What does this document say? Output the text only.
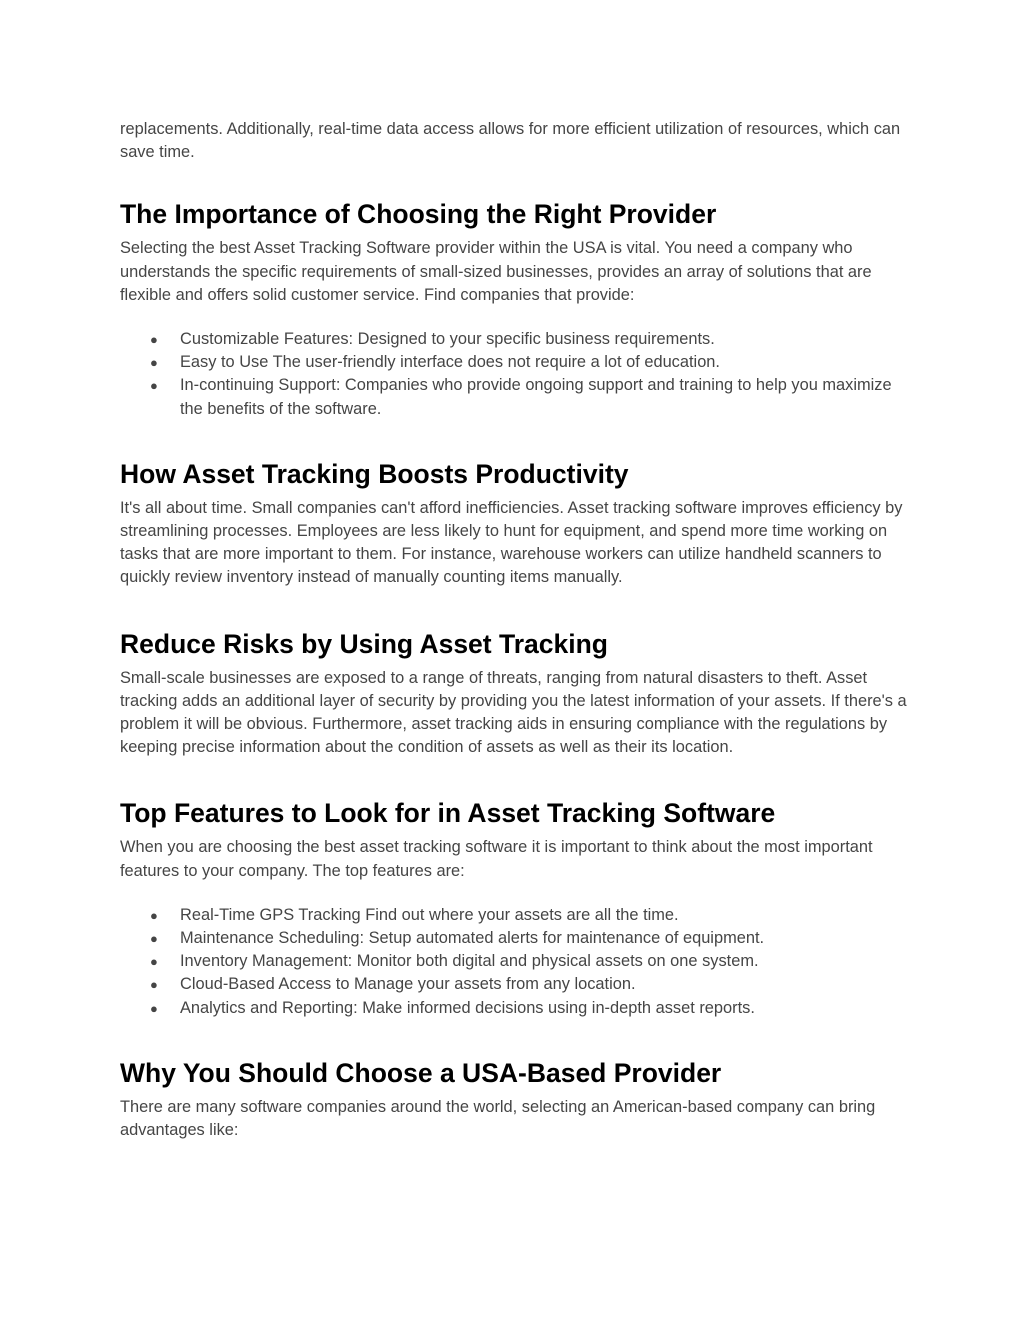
replacements. Additionally, real-time data access allows for more efficient utilization of resources, which can save time.

The Importance of Choosing the Right Provider

Selecting the best Asset Tracking Software provider within the USA is vital. You need a company who understands the specific requirements of small-sized businesses, provides an array of solutions that are flexible and offers solid customer service. Find companies that provide:

● Customizable Features: Designed to your specific business requirements.
● Easy to Use The user-friendly interface does not require a lot of education.
● In-continuing Support: Companies who provide ongoing support and training to help you maximize the benefits of the software.
How Asset Tracking Boosts Productivity

It's all about time. Small companies can't afford inefficiencies. Asset tracking software improves efficiency by streamlining processes. Employees are less likely to hunt for equipment, and spend more time working on tasks that are more important to them. For instance, warehouse workers can utilize handheld scanners to quickly review inventory instead of manually counting items manually.

Reduce Risks by Using Asset Tracking

Small-scale businesses are exposed to a range of threats, ranging from natural disasters to theft. Asset tracking adds an additional layer of security by providing you the latest information of your assets. If there's a problem it will be obvious. Furthermore, asset tracking aids in ensuring compliance with the regulations by keeping precise information about the condition of assets as well as their its location.

Top Features to Look for in Asset Tracking Software

When you are choosing the best asset tracking software it is important to think about the most important features to your company. The top features are:

● Real-Time GPS Tracking Find out where your assets are all the time.
● Maintenance Scheduling: Setup automated alerts for maintenance of equipment.
● Inventory Management: Monitor both digital and physical assets on one system.
● Cloud-Based Access to Manage your assets from any location.
● Analytics and Reporting: Make informed decisions using in-depth asset reports.
Why You Should Choose a USA-Based Provider

There are many software companies around the world, selecting an American-based company can bring advantages like:
